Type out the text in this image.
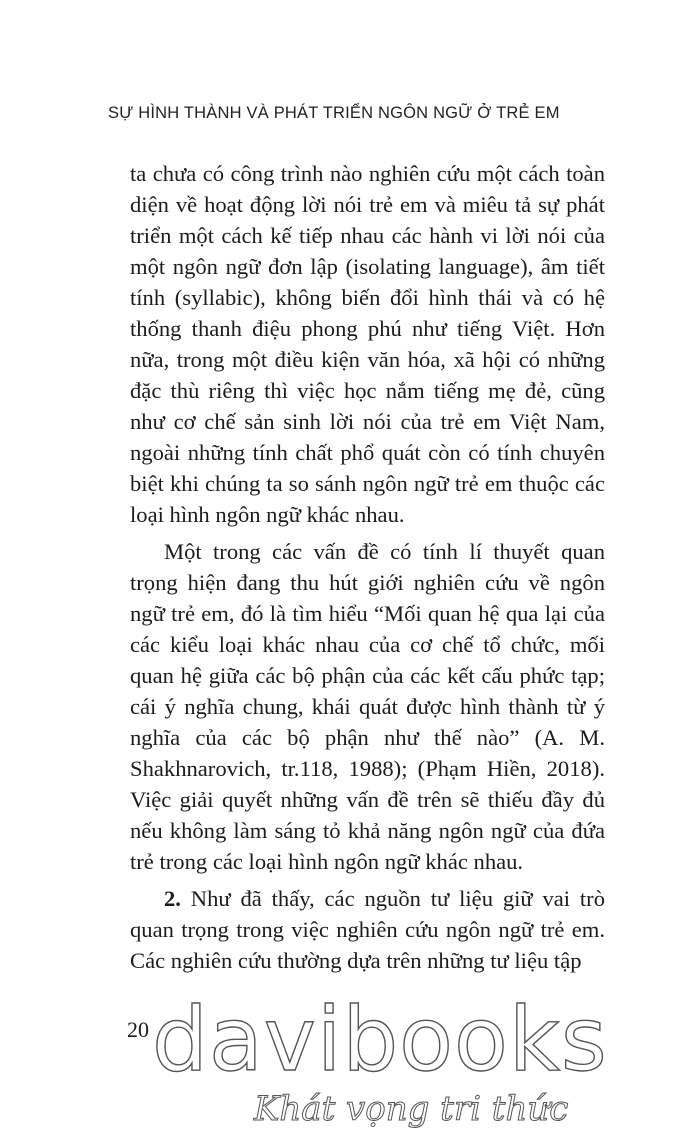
SỰ HÌNH THÀNH VÀ PHÁT TRIỂN NGÔN NGỮ Ở TRẺ EM

ta chưa có công trình nào nghiên cứu một cách toàn diện về hoạt động lời nói trẻ em và miêu tả sự phát triển một cách kế tiếp nhau các hành vi lời nói của một ngôn ngữ đơn lập (isolating language), âm tiết tính (syllabic), không biến đổi hình thái và có hệ thống thanh điệu phong phú như tiếng Việt. Hơn nữa, trong một điều kiện văn hóa, xã hội có những đặc thù riêng thì việc học nắm tiếng mẹ đẻ, cũng như cơ chế sản sinh lời nói của trẻ em Việt Nam, ngoài những tính chất phổ quát còn có tính chuyên biệt khi chúng ta so sánh ngôn ngữ trẻ em thuộc các loại hình ngôn ngữ khác nhau.

Một trong các vấn đề có tính lí thuyết quan trọng hiện đang thu hút giới nghiên cứu về ngôn ngữ trẻ em, đó là tìm hiểu “Mối quan hệ qua lại của các kiểu loại khác nhau của cơ chế tổ chức, mối quan hệ giữa các bộ phận của các kết cấu phức tạp; cái ý nghĩa chung, khái quát được hình thành từ ý nghĩa của các bộ phận như thế nào” (A. M. Shakhnarovich, tr.118, 1988); (Phạm Hiền, 2018). Việc giải quyết những vấn đề trên sẽ thiếu đầy đủ nếu không làm sáng tỏ khả năng ngôn ngữ của đứa trẻ trong các loại hình ngôn ngữ khác nhau.

2. Như đã thấy, các nguồn tư liệu giữ vai trò quan trọng trong việc nghiên cứu ngôn ngữ trẻ em. Các nghiên cứu thường dựa trên những tư liệu tập

20 davibooks
Khát vọng tri thức
